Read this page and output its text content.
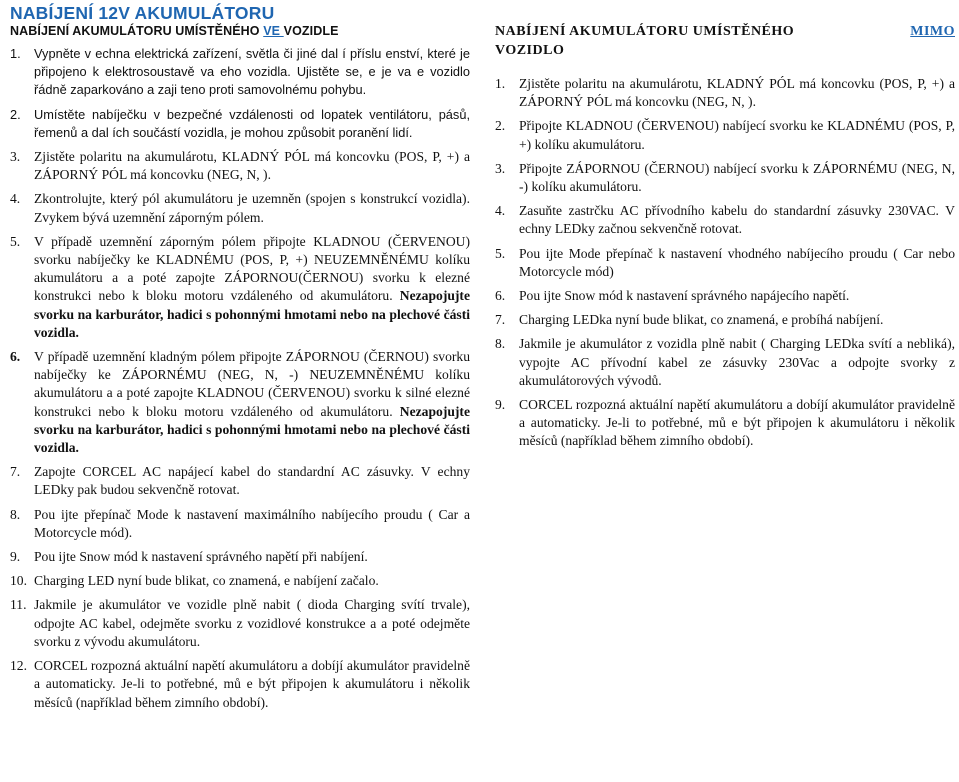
NABÍJENÍ 12V AKUMULÁTORU
NABÍJENÍ AKUMULÁTORU UMÍSTĚNÉHO VE VOZIDLE
1.	Vypněte v echna elektrická zařízení, světla či jiné dal í příslu enství, které je připojeno k elektrosoustavě va eho vozidla. Ujistěte se, e je va e vozidlo řádně zaparkováno a zaji teno proti samovolnému pohybu.
2.	Umístěte nabíječku v bezpečné vzdálenosti od lopatek ventilátoru, pásů, řemenů a dal ích součástí vozidla, je mohou způsobit poranění lidí.
3.	Zjistěte polaritu na akumulárotu, KLADNÝ PÓL má koncovku (POS, P, +) a ZÁPORNÝ PÓL má koncovku (NEG, N, ).
4.	Zkontrolujte, který pól akumulátoru je uzemněn (spojen s konstrukcí vozidla). Zvykem bývá uzemnění záporným pólem.
5.	V případě uzemnění záporným pólem připojte KLADNOU (ČERVENOU) svorku nabíječky ke KLADNÉMU (POS, P, +) NEUZEMNĚNÉMU kolíku akumulátoru a a poté zapojte ZÁPORNOU(ČERNOU) svorku k elezné konstrukci nebo k bloku motoru vzdáleného od akumulátoru. Nezapojujte svorku na karburátor, hadici s pohonnými hmotami nebo na plechové části vozidla.
6.	V případě uzemnění kladným pólem připojte ZÁPORNOU (ČERNOU) svorku nabíječky ke ZÁPORNÉMU (NEG, N, -) NEUZEMNĚNÉMU kolíku akumulátoru a a poté zapojte KLADNOU (ČERVENOU) svorku k silné elezné konstrukci nebo k bloku motoru vzdáleného od akumulátoru. Nezapojujte svorku na karburátor, hadici s pohonnými hmotami nebo na plechové části vozidla.
7.	Zapojte CORCEL AC napájecí kabel do standardní AC zásuvky. V echny LEDky pak budou sekvenčně rotovat.
8.	Pou ijte přepínač Mode k nastavení maximálního nabíjecího proudu ( Car a Motorcycle mód).
9.	Pou ijte Snow mód k nastavení správného napětí při nabíjení.
10. Charging LED nyní bude blikat, co znamená, e nabíjení začalo.
11. Jakmile je akumulátor ve vozidle plně nabit ( dioda Charging svítí trvale), odpojte AC kabel, odejměte svorku z vozidlové konstrukce a a poté odejměte svorku z vývodu akumulátoru.
12. CORCEL rozpozná aktuální napětí akumulátoru a dobíjí akumulátor pravidelně a automaticky. Je-li to potřebné, mů e být připojen k akumulátoru i několik měsíců (například během zimního období).
NABÍJENÍ AKUMULÁTORU UMÍSTĚNÉHO	MIMO

VOZIDLO
1.	Zjistěte polaritu na akumulárotu, KLADNÝ PÓL má koncovku (POS, P, +) a ZÁPORNÝ PÓL má koncovku (NEG, N, ).
2.	Připojte KLADNOU (ČERVENOU) nabíjecí svorku ke KLADNÉMU (POS, P, +) kolíku akumulátoru.
3.	Připojte ZÁPORNOU (ČERNOU) nabíjecí svorku k ZÁPORNÉMU (NEG, N, -) kolíku akumulátoru.
4.	Zasuňte zastrčku AC přívodního kabelu do standardní zásuvky 230VAC. V echny LEDky začnou sekvenčně rotovat.
5.	Pou ijte Mode přepínač k nastavení vhodného nabíjecího proudu ( Car nebo Motorcycle mód)
6.	Pou ijte Snow mód k nastavení správného napájecího napětí.
7.	Charging LEDka nyní bude blikat, co znamená, e probíhá nabíjení.
8.	Jakmile je akumulátor z vozidla plně nabit ( Charging LEDka svítí a nebliká), vypojte AC přívodní kabel ze zásuvky 230Vac a odpojte svorky z akumulátorových vývodů.
9.	CORCEL rozpozná aktuální napětí akumulátoru a dobíjí akumulátor pravidelně a automaticky. Je-li to potřebné, mů e být připojen k akumulátoru i několik měsíců (například během zimního období).
